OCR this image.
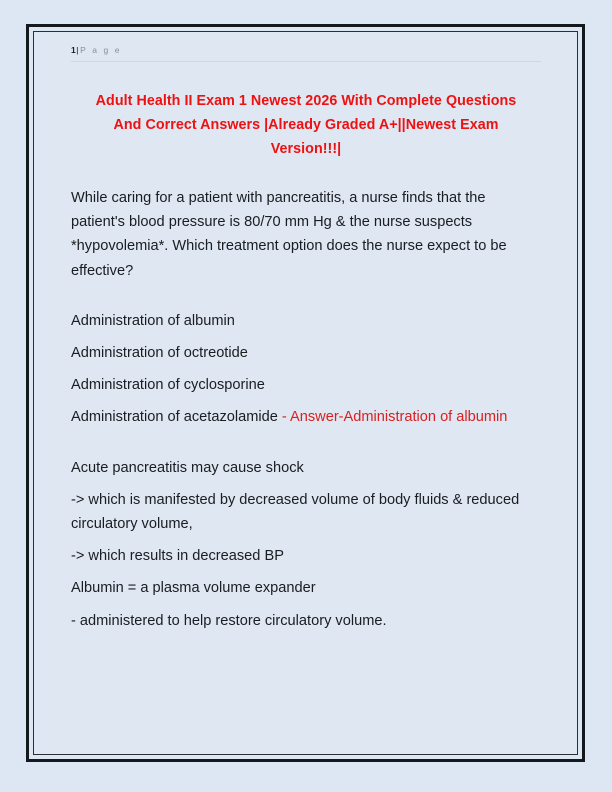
1|P a g e
Adult Health II Exam 1 Newest 2026 With Complete Questions And Correct Answers |Already Graded A+||Newest Exam Version!!!|

While caring for a patient with pancreatitis, a nurse finds that the patient's blood pressure is 80/70 mm Hg & the nurse suspects *hypovolemia*. Which treatment option does the nurse expect to be effective?

Administration of albumin

Administration of octreotide

Administration of cyclosporine

Administration of acetazolamide - Answer-Administration of albumin

Acute pancreatitis may cause shock

-> which is manifested by decreased volume of body fluids & reduced circulatory volume,

-> which results in decreased BP

Albumin = a plasma volume expander

- administered to help restore circulatory volume.
